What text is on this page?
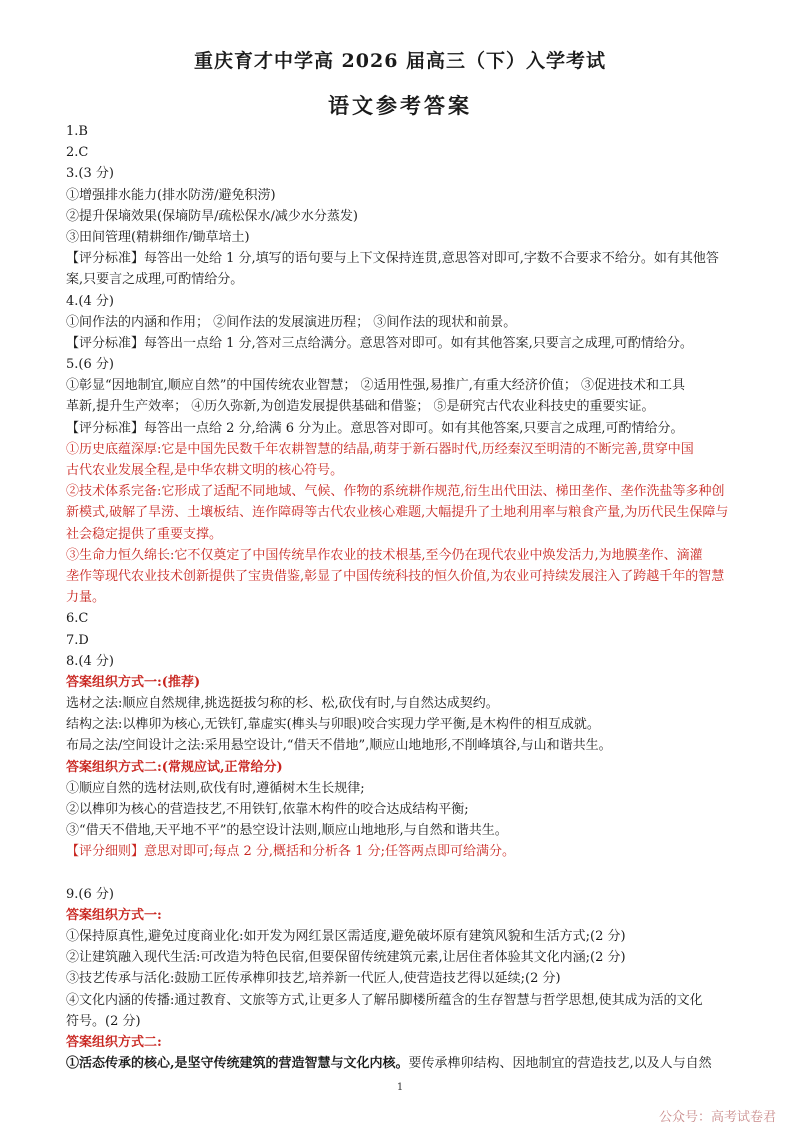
重庆育才中学高 2026 届高三（下）入学考试
语文参考答案
1.B
2.C
3.(3 分)
①增强排水能力(排水防涝/避免积涝)
②提升保墒效果(保墒防旱/疏松保水/减少水分蒸发)
③田间管理(精耕细作/锄草培土)
【评分标准】每答出一处给 1 分,填写的语句要与上下文保持连贯,意思答对即可,字数不合要求不给分。如有其他答
案,只要言之成理,可酌情给分。
4.(4 分)
①间作法的内涵和作用； ②间作法的发展演进历程； ③间作法的现状和前景。
【评分标准】每答出一点给 1 分,答对三点给满分。意思答对即可。如有其他答案,只要言之成理,可酌情给分。
5.(6 分)
①彰显“因地制宜,顺应自然”的中国传统农业智慧； ②适用性强,易推广,有重大经济价值； ③促进技术和工具
革新,提升生产效率； ④历久弥新,为创造发展提供基础和借鉴； ⑤是研究古代农业科技史的重要实证。
【评分标准】每答出一点给 2 分,给满 6 分为止。意思答对即可。如有其他答案,只要言之成理,可酌情给分。
①历史底蕴深厚:它是中国先民数千年农耕智慧的结晶,萌芽于新石器时代,历经秦汉至明清的不断完善,贯穿中国
古代农业发展全程,是中华农耕文明的核心符号。
②技术体系完备:它形成了适配不同地域、气候、作物的系统耕作规范,衍生出代田法、梯田垄作、垄作洗盐等多种创
新模式,破解了旱涝、土壤板结、连作障碍等古代农业核心难题,大幅提升了土地利用率与粮食产量,为历代民生保障与
社会稳定提供了重要支撑。
③生命力恒久绵长:它不仅奠定了中国传统旱作农业的技术根基,至今仍在现代农业中焕发活力,为地膜垄作、滴灌
垄作等现代农业技术创新提供了宝贵借鉴,彰显了中国传统科技的恒久价值,为农业可持续发展注入了跨越千年的智慧
力量。
6.C
7.D
8.(4 分)
答案组织方式一:(推荐)
选材之法:顺应自然规律,挑选挺拔匀称的杉、松,砍伐有时,与自然达成契约。
结构之法:以榫卯为核心,无铁钉,靠虚实(榫头与卯眼)咬合实现力学平衡,是木构件的相互成就。
布局之法/空间设计之法:采用悬空设计,“借天不借地”,顺应山地地形,不削峰填谷,与山和谐共生。
答案组织方式二:(常规应试,正常给分)
①顺应自然的选材法则,砍伐有时,遵循树木生长规律;
②以榫卯为核心的营造技艺,不用铁钉,依靠木构件的咬合达成结构平衡;
③“借天不借地,天平地不平”的悬空设计法则,顺应山地地形,与自然和谐共生。
【评分细则】意思对即可;每点 2 分,概括和分析各 1 分;任答两点即可给满分。
9.(6 分)
答案组织方式一:
①保持原真性,避免过度商业化:如开发为网红景区需适度,避免破坏原有建筑风貌和生活方式;(2 分)
②让建筑融入现代生活:可改造为特色民宿,但要保留传统建筑元素,让居住者体验其文化内涵;(2 分)
③技艺传承与活化:鼓励工匠传承榫卯技艺,培养新一代匠人,使营造技艺得以延续;(2 分)
④文化内涵的传播:通过教育、文旅等方式,让更多人了解吊脚楼所蕴含的生存智慧与哲学思想,使其成为活的文化
符号。(2 分)
答案组织方式二:
①活态传承的核心,是坚守传统建筑的营造智慧与文化内核。要传承榫卯结构、因地制宜的营造技艺,以及人与自然
1
公众号：高考试卷君
